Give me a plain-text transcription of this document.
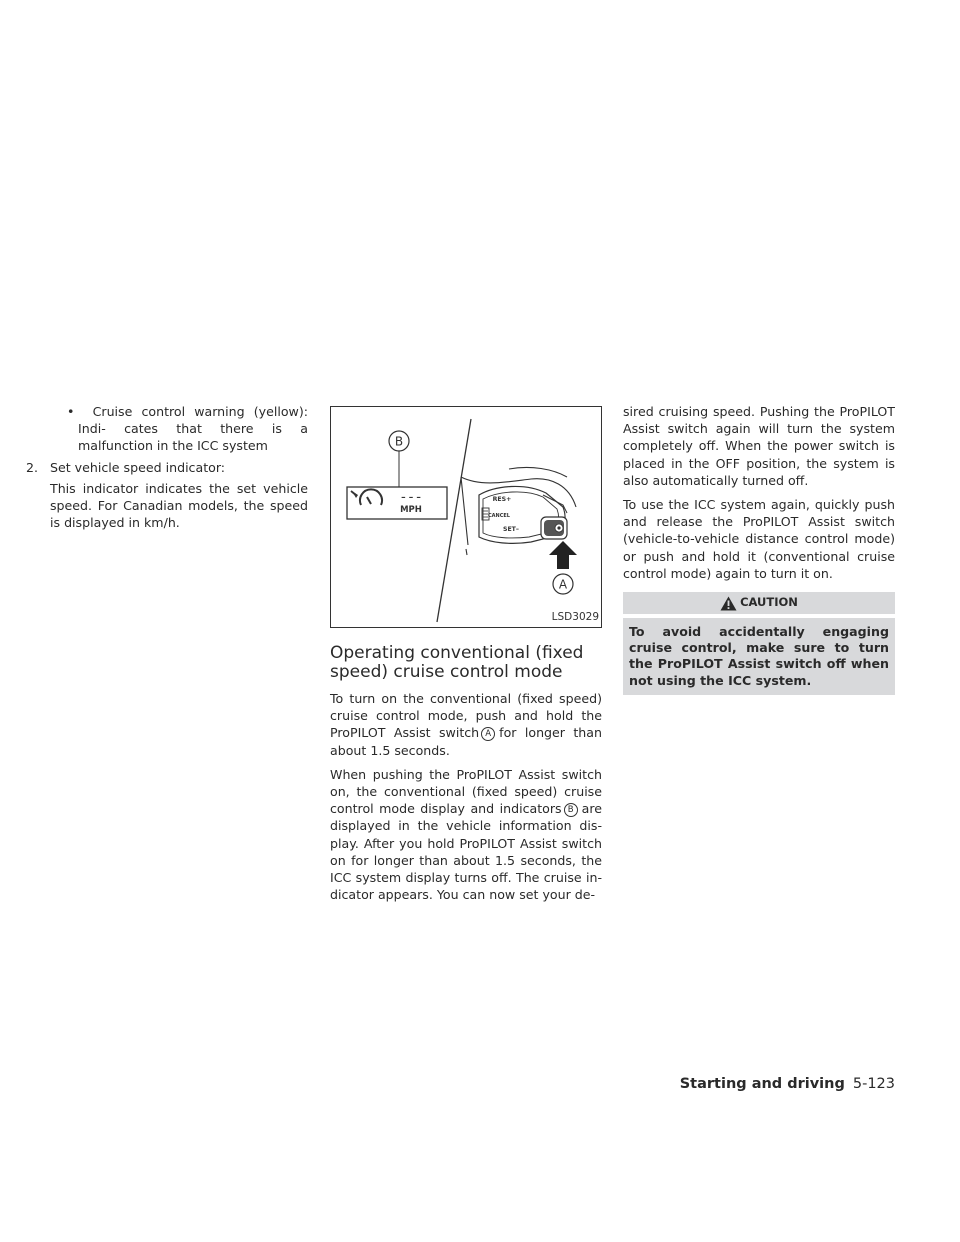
• Cruise control warning (yellow): Indi- cates that there is a malfunction in the ICC system

2. Set vehicle speed indicator:

This indicator indicates the set vehicle speed. For Canadian models, the speed is displayed in km/h.

B
– – –
MPH
RES+
CANCEL
SET–
A
LSD3029
Operating conventional (fixed speed) cruise control mode

To turn on the conventional (fixed speed) cruise control mode, push and hold the ProPILOT Assist switch A for longer than about 1.5 seconds.

When pushing the ProPILOT Assist switch on, the conventional (fixed speed) cruise control mode display and indicators B are displayed in the vehicle information dis- play. After you hold ProPILOT Assist switch on for longer than about 1.5 seconds, the ICC system display turns off. The cruise in- dicator appears. You can now set your de-

sired cruising speed. Pushing the ProPILOT Assist switch again will turn the system completely off. When the power switch is placed in the OFF position, the system is also automatically turned off.

To use the ICC system again, quickly push and release the ProPILOT Assist switch (vehicle-to-vehicle distance control mode) or push and hold it (conventional cruise control mode) again to turn it on.

CAUTION
To avoid accidentally engaging cruise control, make sure to turn the ProPILOT Assist switch off when not using the ICC system.
Starting and driving 5-123
